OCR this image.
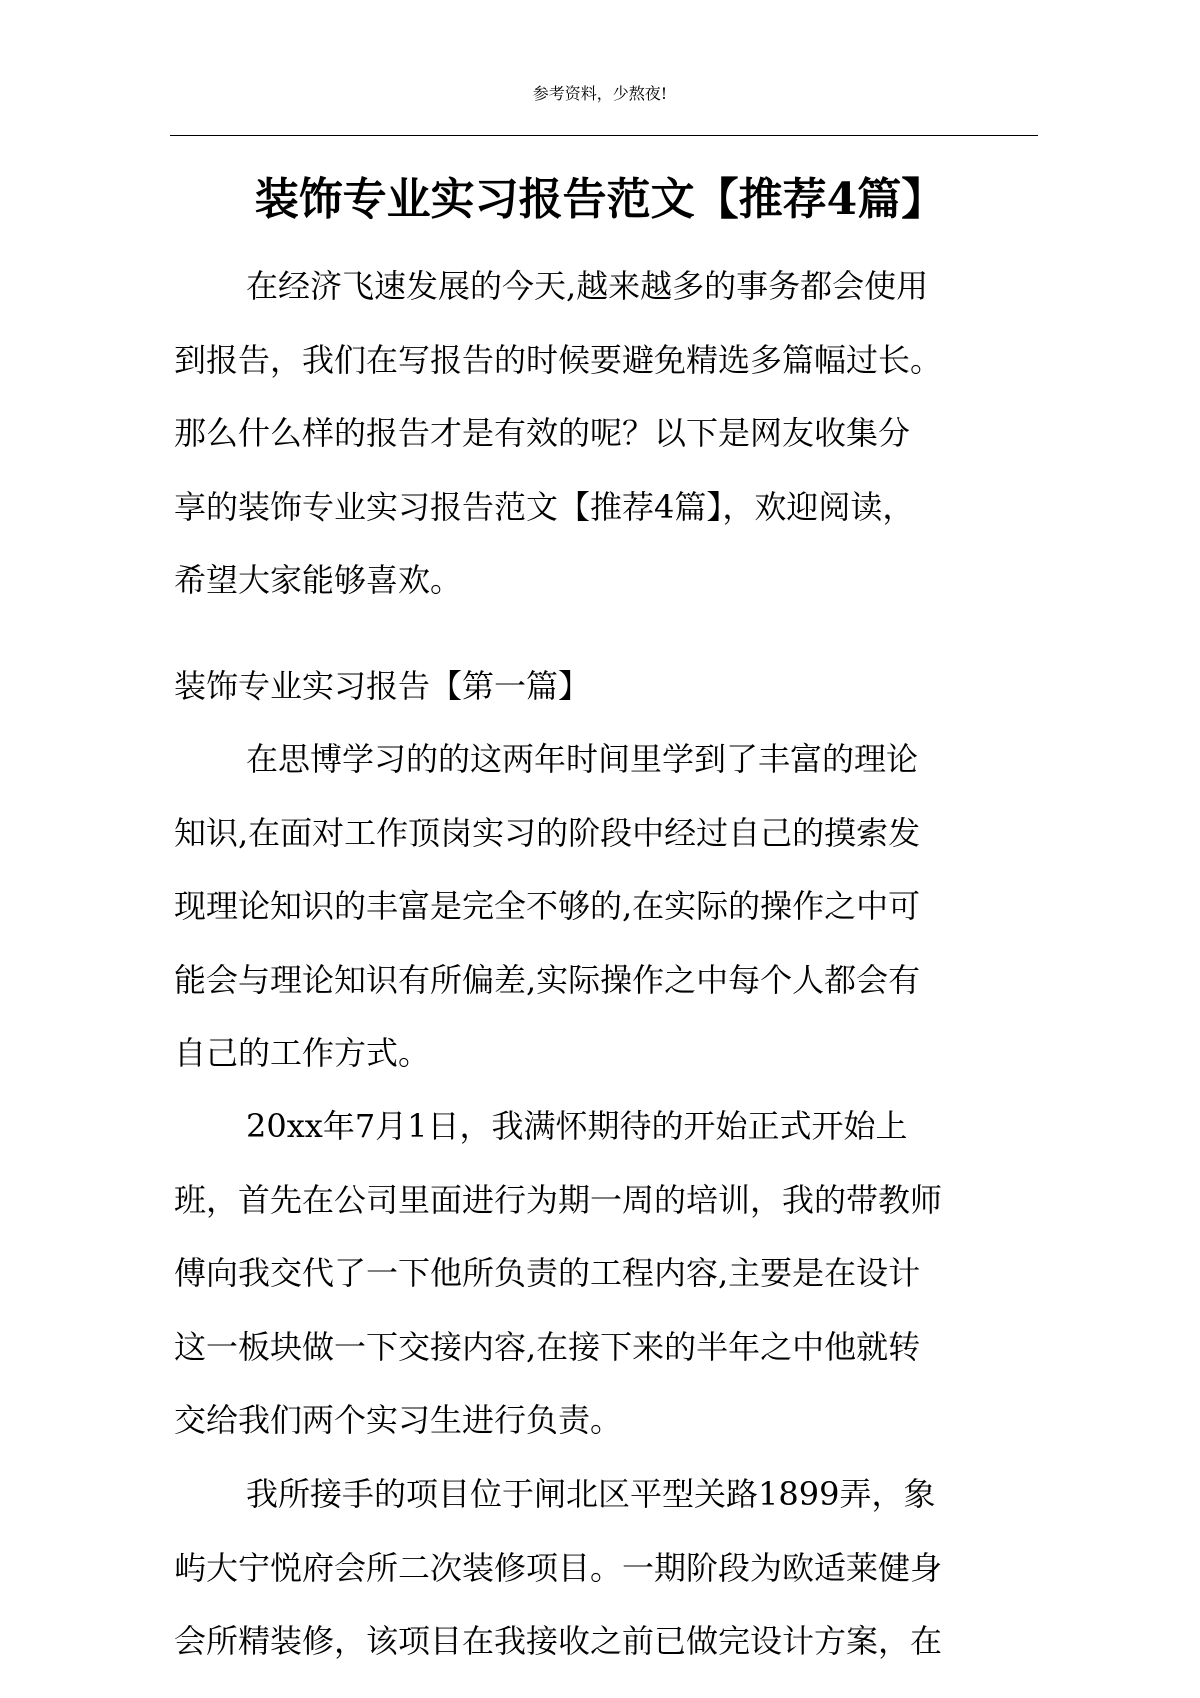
参考资料，少熬夜!
装饰专业实习报告范文【推荐4篇】
在经济飞速发展的今天,越来越多的事务都会使用
到报告，我们在写报告的时候要避免精选多篇幅过长。
那么什么样的报告才是有效的呢？以下是网友收集分
享的装饰专业实习报告范文【推荐4篇】，欢迎阅读，
希望大家能够喜欢。
装饰专业实习报告【第一篇】
在思博学习的的这两年时间里学到了丰富的理论
知识,在面对工作顶岗实习的阶段中经过自己的摸索发
现理论知识的丰富是完全不够的,在实际的操作之中可
能会与理论知识有所偏差,实际操作之中每个人都会有
自己的工作方式。
20xx年7月1日，我满怀期待的开始正式开始上
班，首先在公司里面进行为期一周的培训，我的带教师
傅向我交代了一下他所负责的工程内容,主要是在设计
这一板块做一下交接内容,在接下来的半年之中他就转
交给我们两个实习生进行负责。
我所接手的项目位于闸北区平型关路1899弄，象
屿大宁悦府会所二次装修项目。一期阶段为欧适莱健身
会所精装修，该项目在我接收之前已做完设计方案，在
